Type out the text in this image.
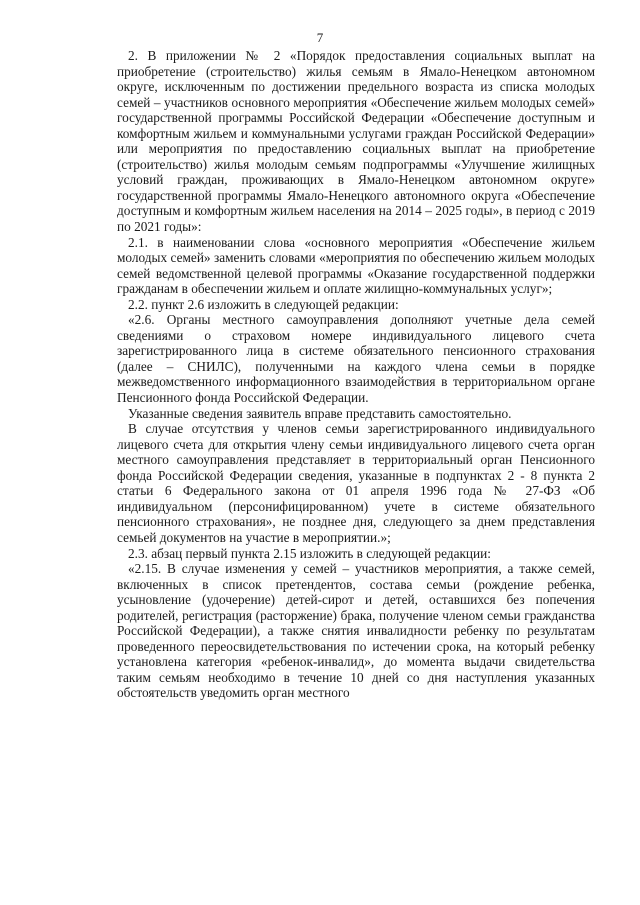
7

2. В приложении № 2 «Порядок предоставления социальных выплат на приобретение (строительство) жилья семьям в Ямало-Ненецком автономном округе, исключенным по достижении предельного возраста из списка молодых семей – участников основного мероприятия «Обеспечение жильем молодых семей» государственной программы Российской Федерации «Обеспечение доступным и комфортным жильем и коммунальными услугами граждан Российской Федерации» или мероприятия по предоставлению социальных выплат на приобретение (строительство) жилья молодым семьям подпрограммы «Улучшение жилищных условий граждан, проживающих в Ямало-Ненецком автономном округе» государственной программы Ямало-Ненецкого автономного округа «Обеспечение доступным и комфортным жильем населения на 2014 – 2025 годы», в период с 2019 по 2021 годы»:

2.1. в наименовании слова «основного мероприятия «Обеспечение жильем молодых семей» заменить словами «мероприятия по обеспечению жильем молодых семей ведомственной целевой программы «Оказание государственной поддержки гражданам в обеспечении жильем и оплате жилищно-коммунальных услуг»;

2.2. пункт 2.6 изложить в следующей редакции:

«2.6. Органы местного самоуправления дополняют учетные дела семей сведениями о страховом номере индивидуального лицевого счета зарегистрированного лица в системе обязательного пенсионного страхования (далее – СНИЛС), полученными на каждого члена семьи в порядке межведомственного информационного взаимодействия в территориальном органе Пенсионного фонда Российской Федерации.

Указанные сведения заявитель вправе представить самостоятельно.

В случае отсутствия у членов семьи зарегистрированного индивидуального лицевого счета для открытия члену семьи индивидуального лицевого счета орган местного самоуправления представляет в территориальный орган Пенсионного фонда Российской Федерации сведения, указанные в подпунктах 2 - 8 пункта 2 статьи 6 Федерального закона от 01 апреля 1996 года № 27-ФЗ «Об индивидуальном (персонифицированном) учете в системе обязательного пенсионного страхования», не позднее дня, следующего за днем представления семьей документов на участие в мероприятии.»;

2.3. абзац первый пункта 2.15 изложить в следующей редакции:

«2.15. В случае изменения у семей – участников мероприятия, а также семей, включенных в список претендентов, состава семьи (рождение ребенка, усыновление (удочерение) детей-сирот и детей, оставшихся без попечения родителей, регистрация (расторжение) брака, получение членом семьи гражданства Российской Федерации), а также снятия инвалидности ребенку по результатам проведенного переосвидетельствования по истечении срока, на который ребенку установлена категория «ребенок-инвалид», до момента выдачи свидетельства таким семьям необходимо в течение 10 дней со дня наступления указанных обстоятельств уведомить орган местного
